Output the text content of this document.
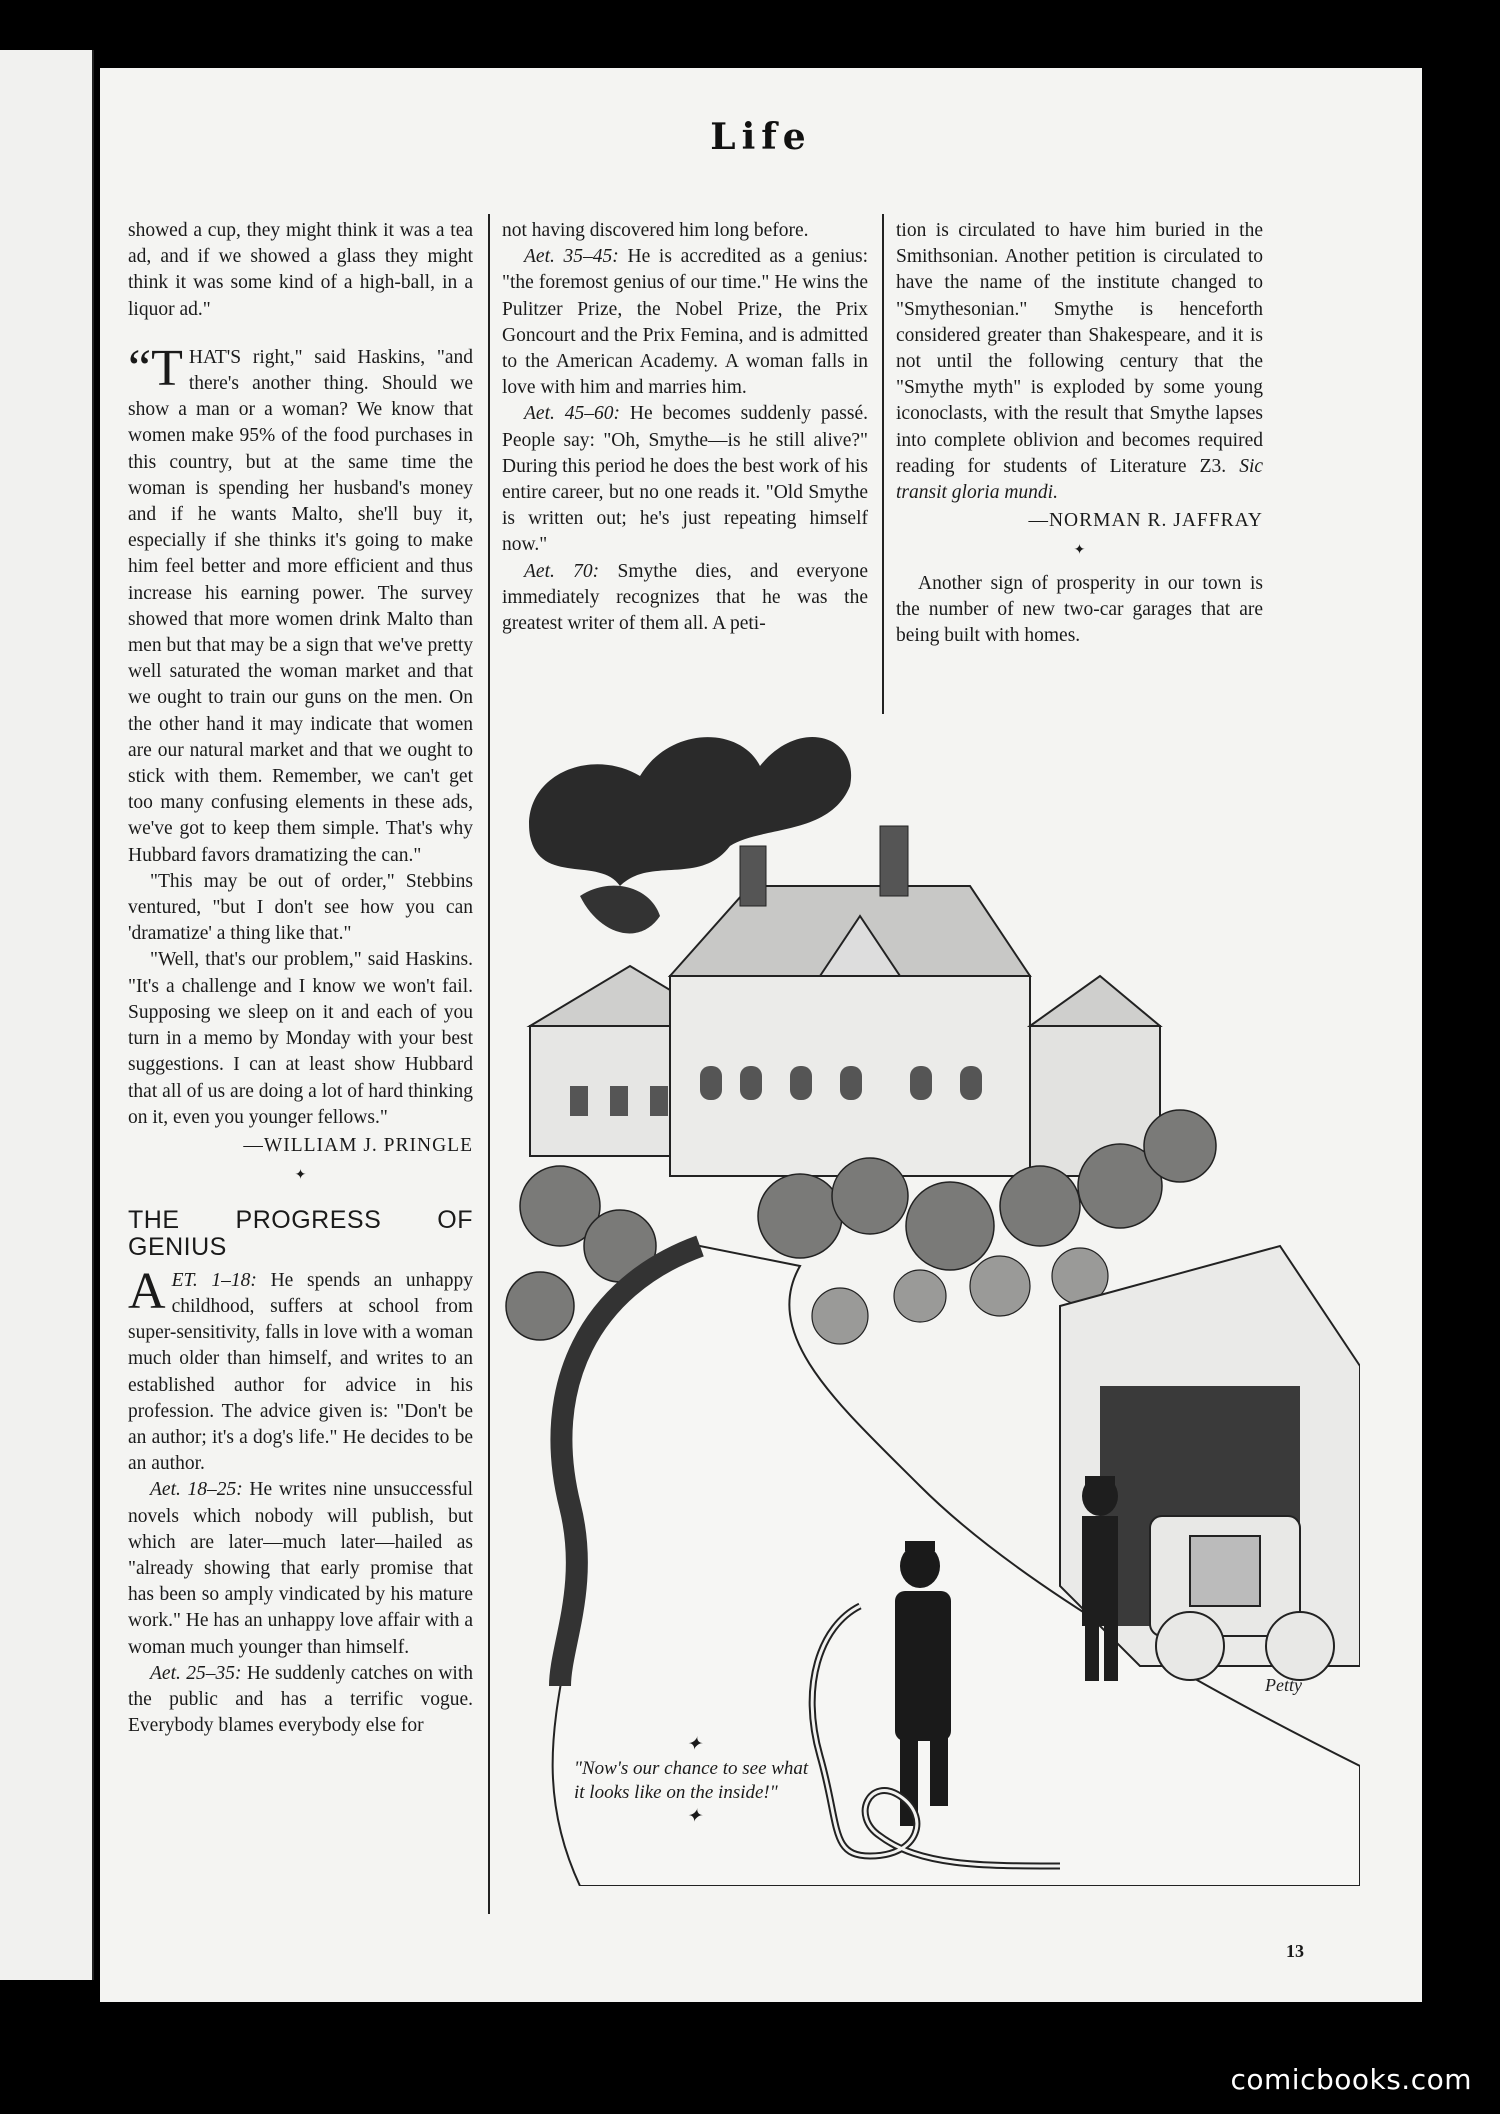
Life

showed a cup, they might think it was a tea ad, and if we showed a glass they might think it was some kind of a high-ball, in a liquor ad."

“T HAT'S right," said Haskins, "and there's another thing. Should we show a man or a woman? We know that women make 95% of the food purchases in this country, but at the same time the woman is spending her husband's money and if he wants Malto, she'll buy it, especially if she thinks it's going to make him feel better and more efficient and thus increase his earning power. The survey showed that more women drink Malto than men but that may be a sign that we've pretty well saturated the woman market and that we ought to train our guns on the men. On the other hand it may indicate that women are our natural market and that we ought to stick with them. Remember, we can't get too many confusing elements in these ads, we've got to keep them simple. That's why Hubbard favors dramatizing the can."

"This may be out of order," Stebbins ventured, "but I don't see how you can 'dramatize' a thing like that."

"Well, that's our problem," said Haskins. "It's a challenge and I know we won't fail. Supposing we sleep on it and each of you turn in a memo by Monday with your best suggestions. I can at least show Hubbard that all of us are doing a lot of hard thinking on it, even you younger fellows."

—WILLIAM J. PRINGLE
✦
THE PROGRESS OF GENIUS

AET. 1–18: He spends an unhappy childhood, suffers at school from super-sensitivity, falls in love with a woman much older than himself, and writes to an established author for advice in his profession. The advice given is: "Don't be an author; it's a dog's life." He decides to be an author.

Aet. 18–25: He writes nine unsuccessful novels which nobody will publish, but which are later—much later—hailed as "already showing that early promise that has been so amply vindicated by his mature work." He has an unhappy love affair with a woman much younger than himself.

Aet. 25–35: He suddenly catches on with the public and has a terrific vogue. Everybody blames everybody else for

not having discovered him long before.

Aet. 35–45: He is accredited as a genius: "the foremost genius of our time." He wins the Pulitzer Prize, the Nobel Prize, the Prix Goncourt and the Prix Femina, and is admitted to the American Academy. A woman falls in love with him and marries him.

Aet. 45–60: He becomes suddenly passé. People say: "Oh, Smythe—is he still alive?" During this period he does the best work of his entire career, but no one reads it. "Old Smythe is written out; he's just repeating himself now."

Aet. 70: Smythe dies, and everyone immediately recognizes that he was the greatest writer of them all. A peti-

tion is circulated to have him buried in the Smithsonian. Another petition is circulated to have the name of the institute changed to "Smythesonian." Smythe is henceforth considered greater than Shakespeare, and it is not until the following century that the "Smythe myth" is exploded by some young iconoclasts, with the result that Smythe lapses into complete oblivion and becomes required reading for students of Literature Z3. Sic transit gloria mundi.

—NORMAN R. JAFFRAY
✦

Another sign of prosperity in our town is the number of new two-car garages that are being built with homes.

Petty
✦
"Now's our chance to see what it looks like on the inside!"
✦
13
comicbooks.com
